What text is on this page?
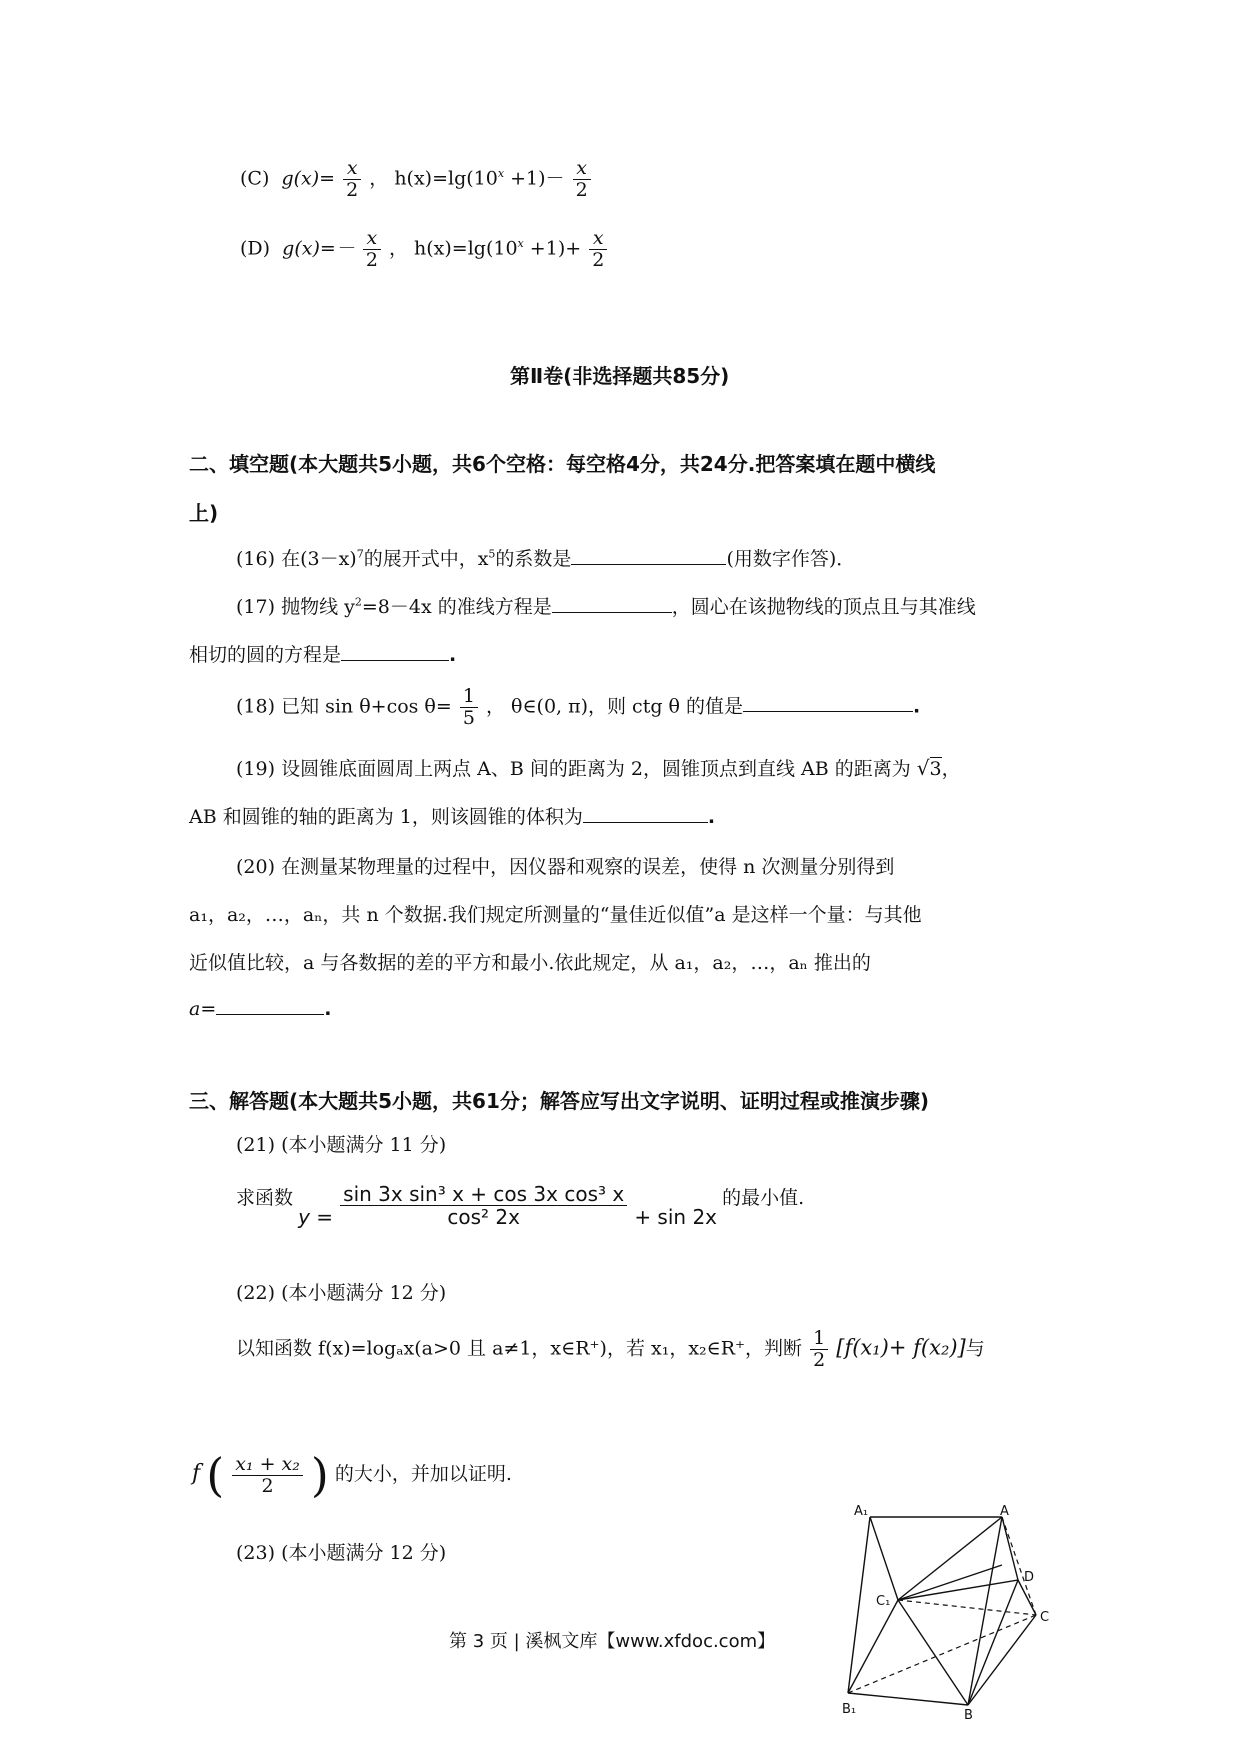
(C) $g(x)= \frac{x}{2}$ ， $h(x)=\lg(10^x +1)- \frac{x}{2}$
(D) $g(x)=- \frac{x}{2}$ ， $h(x)=\lg(10^x +1)+ \frac{x}{2}$
第Ⅱ卷(非选择题共85分)
二、填空题(本大题共5小题，共6个空格：每空格4分，共24分.把答案填在题中横线
上)
(16) 在$(3-x)^7$的展开式中，$x^5$的系数是	(用数字作答)．
(17) 抛物线 $y^2=8-4x$ 的准线方程是	，圆心在该抛物线的顶点且与其准线
相切的圆的方程是	.
(18) 已知 sin θ+cos $\theta= \frac{1}{5}$ ， θ∈(0, π)，则 ctg θ 的值是	.
(19) 设圆锥底面圆周上两点 A、B 间的距离为 2，圆锥顶点到直线 AB 的距离为 √3，
AB 和圆锥的轴的距离为 1，则该圆锥的体积为	.
(20) 在测量某物理量的过程中，因仪器和观察的误差，使得 n 次测量分别得到
a₁，a₂，…，aₙ，共 n 个数据.我们规定所测量的“量佳近似值”a 是这样一个量：与其他
近似值比较，a 与各数据的差的平方和最小.依此规定，从 a₁，a₂，…，aₙ 推出的
a=	.
三、解答题(本大题共5小题，共61分；解答应写出文字说明、证明过程或推演步骤)
(21) (本小题满分 11 分)
求函数 $y = \frac{\text{sin 3x sin³ x + cos 3x cos³ x}}{\text{cos² 2x}} + \sin 2x$ 的最小值.
(22) (本小题满分 12 分)
以知函数 f(x)=logₐx(a>0 且 a≠1，x∈R⁺)，若 x₁，x₂∈R⁺，判断 $\frac{1}{2} [f(x_1)+ f(x_2)]$与
f ( $\frac{\text{x₁ + x₂}}{2}$ ) 的大小，并加以证明.
(23) (本小题满分 12 分)
A₁	A
D
C₁
C
B₁	B
第 3 页 | 溪枫文库【www.xfdoc.com】
